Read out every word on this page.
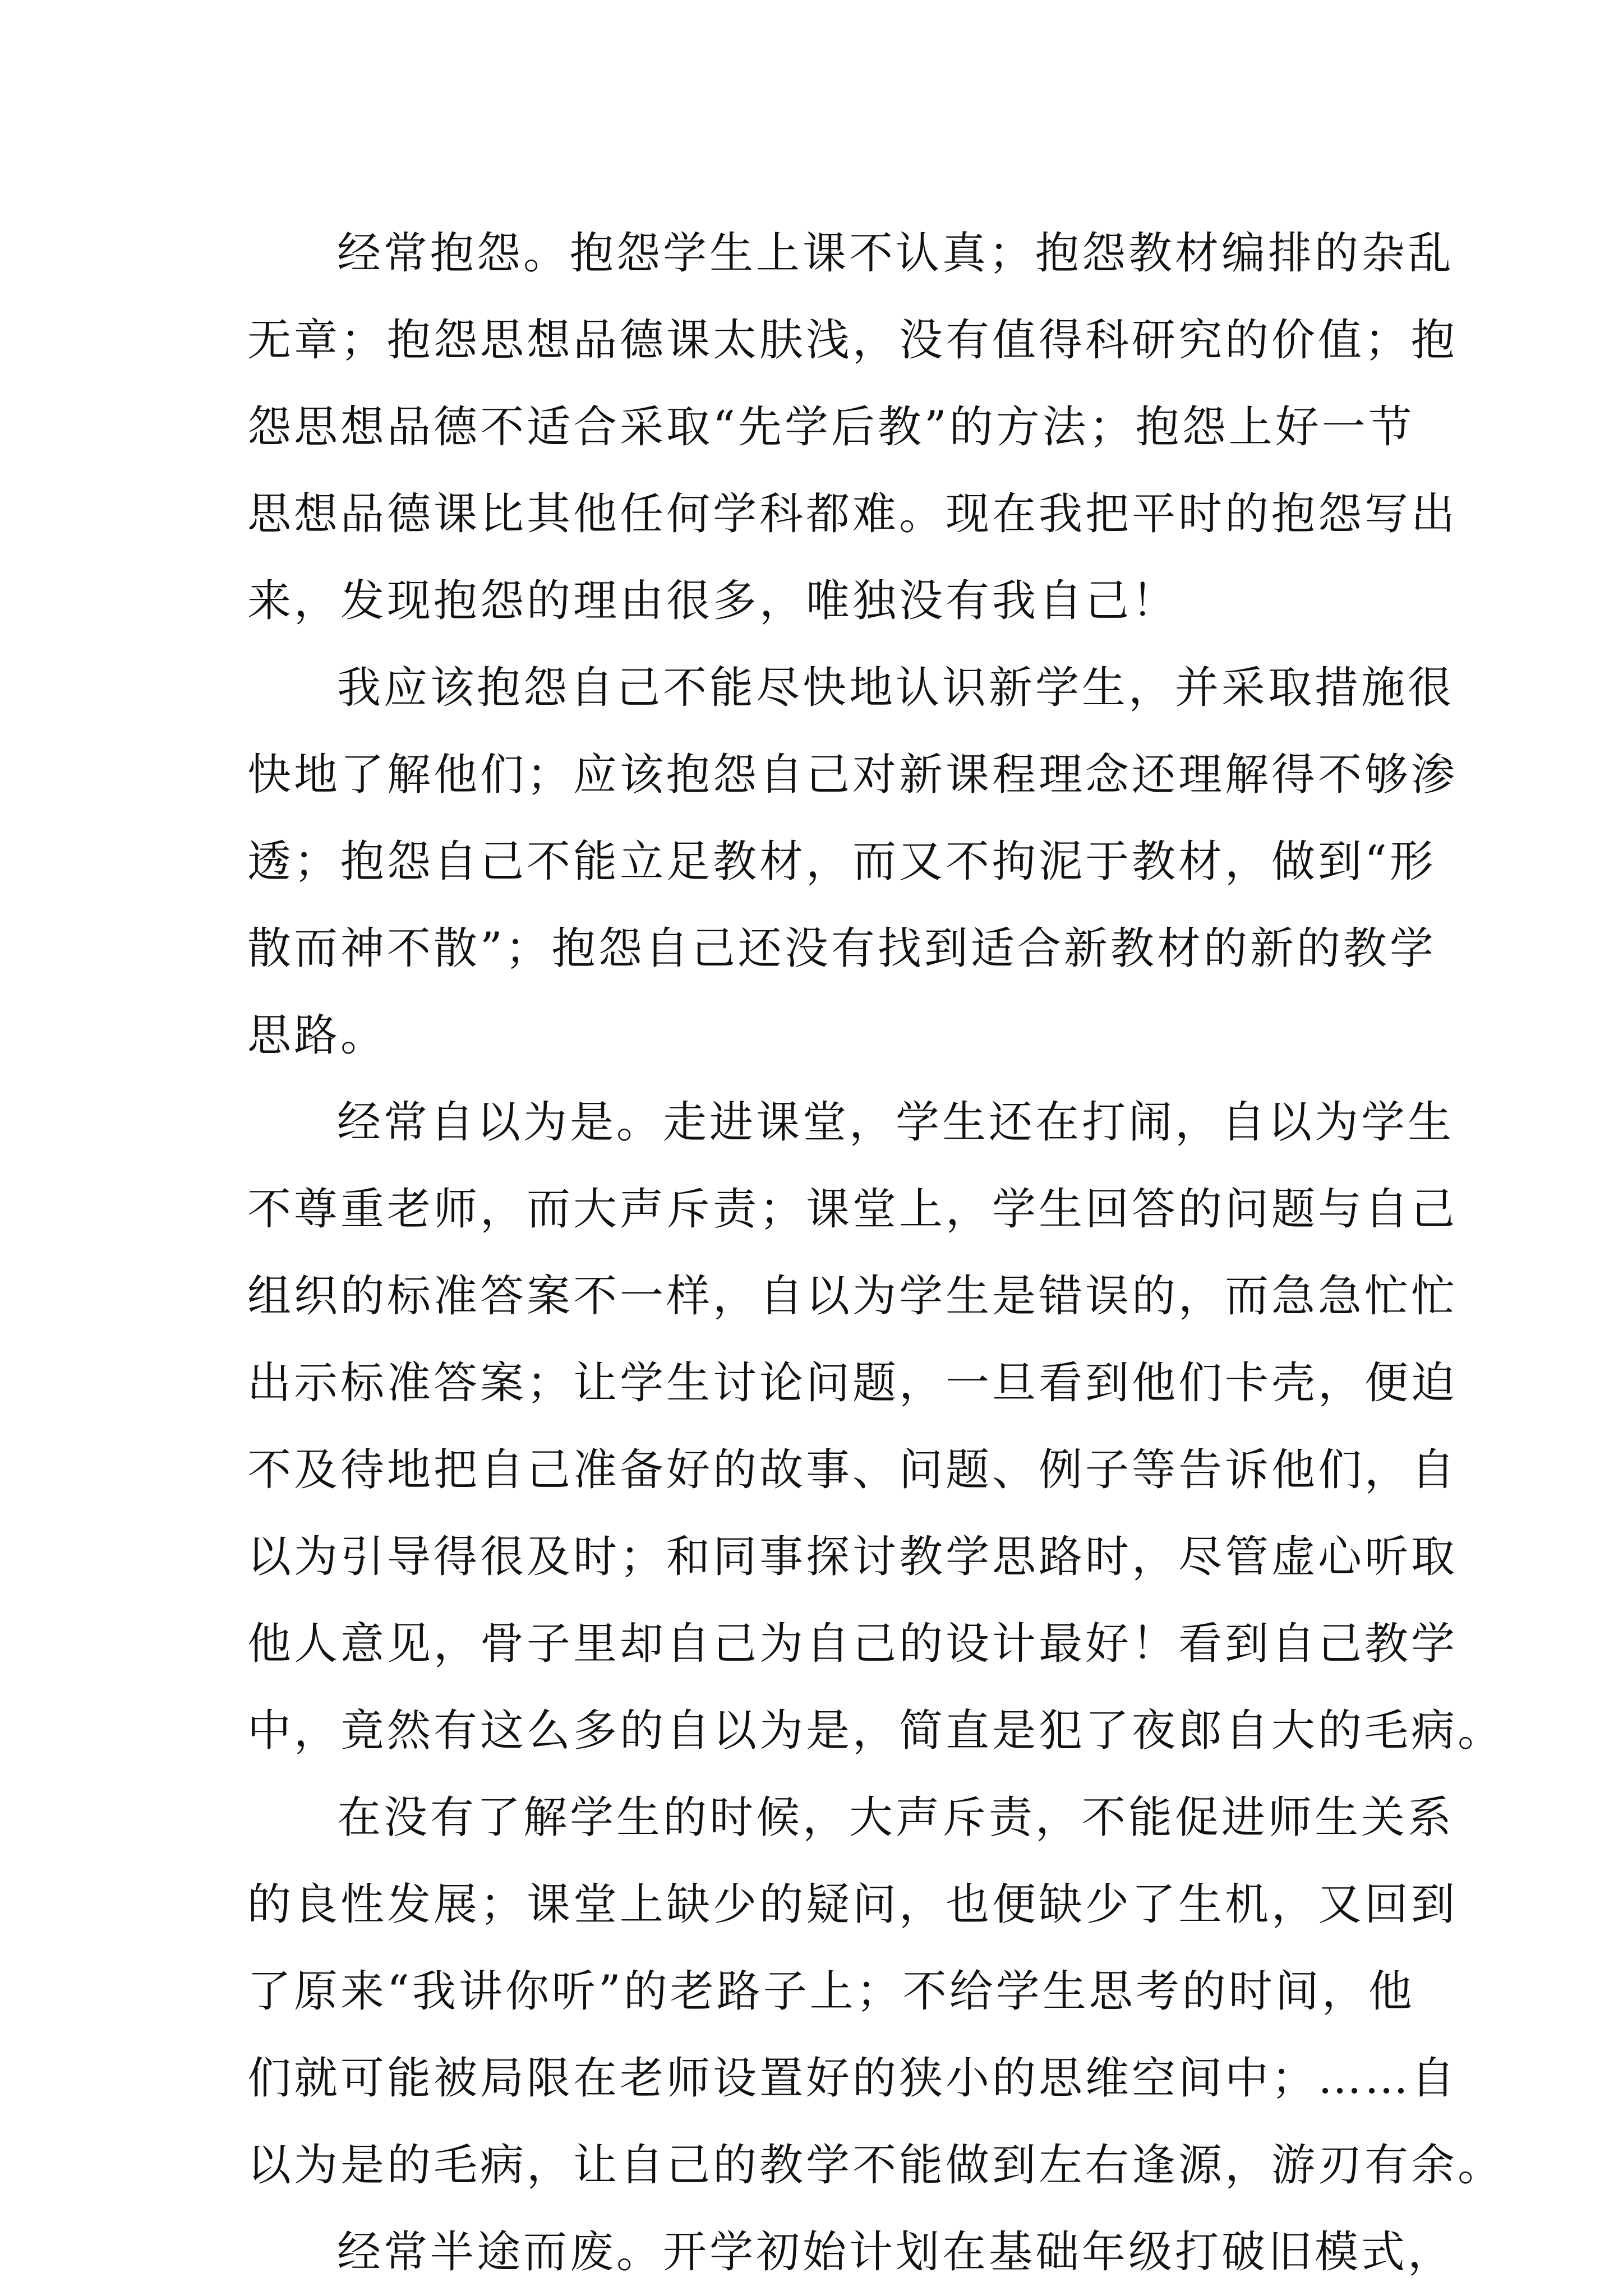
经常抱怨。抱怨学生上课不认真；抱怨教材编排的杂乱
无章；抱怨思想品德课太肤浅，没有值得科研究的价值；抱
怨思想品德不适合采取“先学后教”的方法；抱怨上好一节
思想品德课比其他任何学科都难。现在我把平时的抱怨写出
来，发现抱怨的理由很多，唯独没有我自己！

我应该抱怨自己不能尽快地认识新学生，并采取措施很
快地了解他们；应该抱怨自己对新课程理念还理解得不够渗
透；抱怨自己不能立足教材，而又不拘泥于教材，做到“形
散而神不散”；抱怨自己还没有找到适合新教材的新的教学
思路。

经常自以为是。走进课堂，学生还在打闹，自以为学生
不尊重老师，而大声斥责；课堂上，学生回答的问题与自己
组织的标准答案不一样，自以为学生是错误的，而急急忙忙
出示标准答案；让学生讨论问题，一旦看到他们卡壳，便迫
不及待地把自己准备好的故事、问题、例子等告诉他们，自
以为引导得很及时；和同事探讨教学思路时，尽管虚心听取
他人意见，骨子里却自己为自己的设计最好！看到自己教学
中，竟然有这么多的自以为是，简直是犯了夜郎自大的毛病。

在没有了解学生的时候，大声斥责，不能促进师生关系
的良性发展；课堂上缺少的疑问，也便缺少了生机，又回到
了原来“我讲你听”的老路子上；不给学生思考的时间，他
们就可能被局限在老师设置好的狭小的思维空间中；……自
以为是的毛病，让自己的教学不能做到左右逢源，游刃有余。

经常半途而废。开学初始计划在基础年级打破旧模式，
